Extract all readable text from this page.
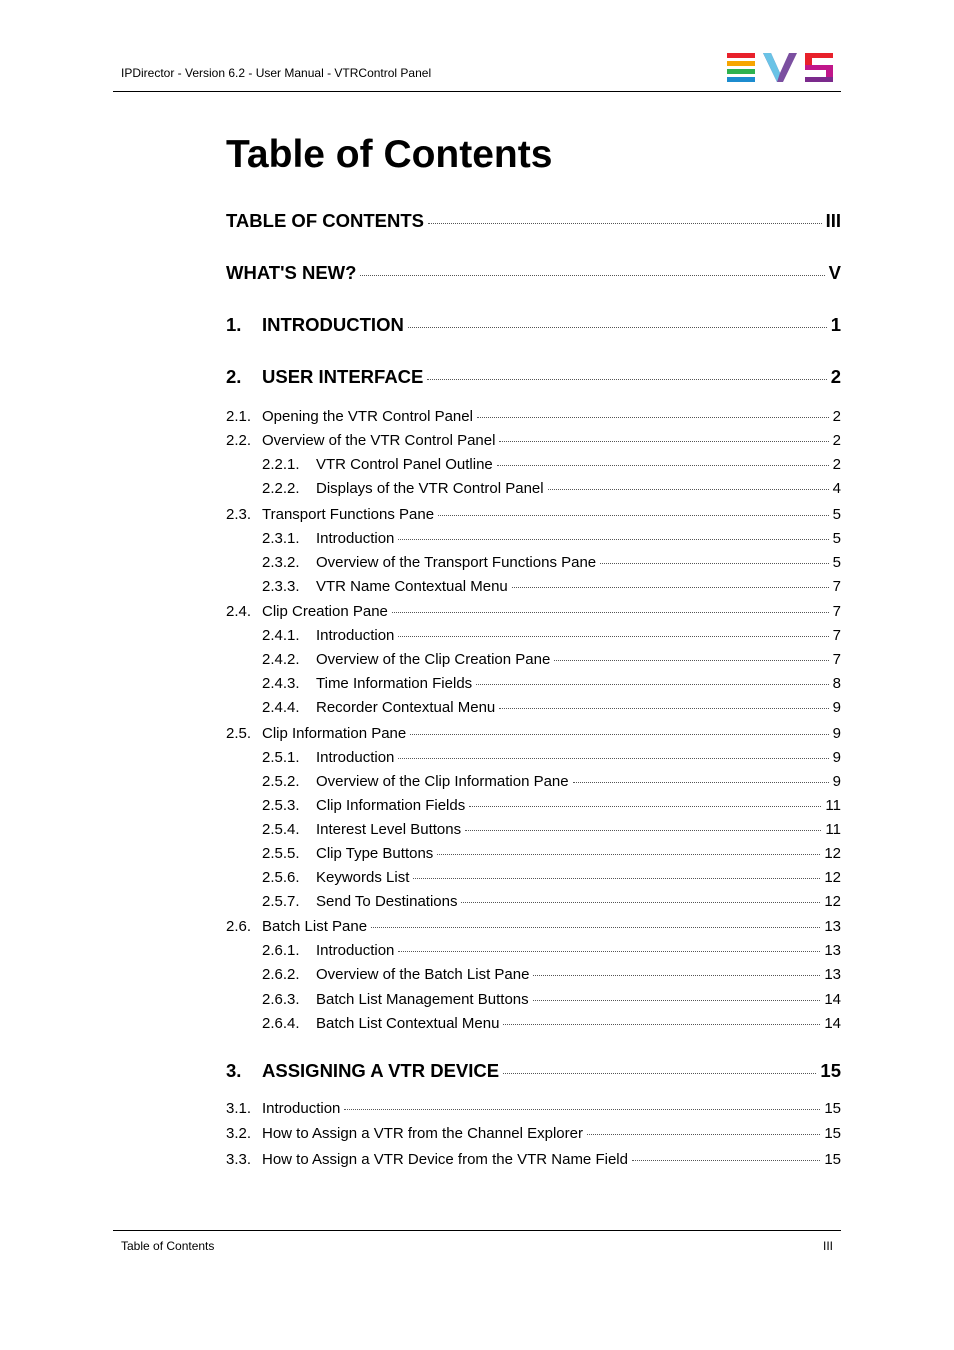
IPDirector - Version 6.2 - User Manual - VTRControl Panel
Table of Contents
TABLE OF CONTENTS	III
WHAT'S NEW?	V
1.	INTRODUCTION	1
2.	USER INTERFACE	2
2.1. Opening the VTR Control Panel	2
2.2. Overview of the VTR Control Panel	2
2.2.1.	VTR Control Panel Outline	2
2.2.2.	Displays of the VTR Control Panel	4
2.3. Transport Functions Pane	5
2.3.1.	Introduction	5
2.3.2.	Overview of the Transport Functions Pane	5
2.3.3.	VTR Name Contextual Menu	7
2.4. Clip Creation Pane	7
2.4.1.	Introduction	7
2.4.2.	Overview of the Clip Creation Pane	7
2.4.3.	Time Information Fields	8
2.4.4.	Recorder Contextual Menu	9
2.5. Clip Information Pane	9
2.5.1.	Introduction	9
2.5.2.	Overview of the Clip Information Pane	9
2.5.3.	Clip Information Fields	11
2.5.4.	Interest Level Buttons	11
2.5.5.	Clip Type Buttons	12
2.5.6.	Keywords List	12
2.5.7.	Send To Destinations	12
2.6. Batch List Pane	13
2.6.1.	Introduction	13
2.6.2.	Overview of the Batch List Pane	13
2.6.3.	Batch List Management Buttons	14
2.6.4.	Batch List Contextual Menu	14
3.	ASSIGNING A VTR DEVICE	15
3.1. Introduction	15
3.2. How to Assign a VTR from the Channel Explorer	15
3.3. How to Assign a VTR Device from the VTR Name Field	15
Table of Contents	III
